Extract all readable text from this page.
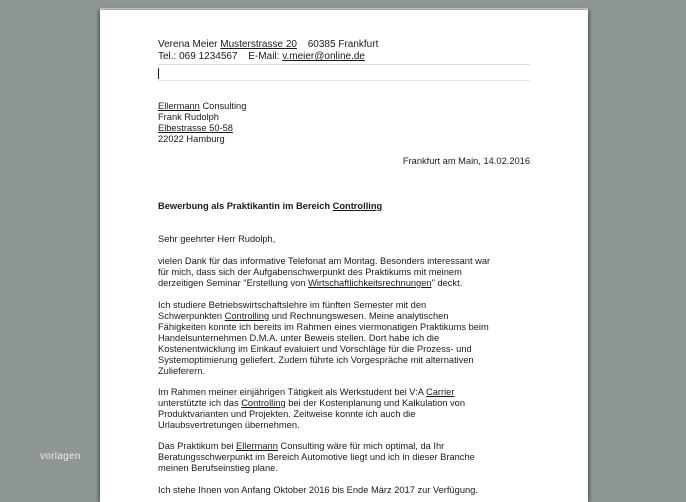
Verena Meier Musterstrasse 20 60385 Frankfurt
Tel.: 069 1234567 E-Mail: v.meier@online.de

Ellermann Consulting

Frank Rudolph

Elbestrasse 50-58

22022 Hamburg

Frankfurt am Main, 14.02.2016
Bewerbung als Praktikantin im Bereich Controlling
Sehr geehrter Herr Rudolph,

vielen Dank für das informative Telefonat am Montag. Besonders interessant war

für mich, dass sich der Aufgabenschwerpunkt des Praktikums mit meinem

derzeitigen Seminar "Erstellung von Wirtschaftlichkeitsrechnungen" deckt.

Ich studiere Betriebswirtschaftslehre im fünften Semester mit den

Schwerpunkten Controlling und Rechnungswesen. Meine analytischen

Fähigkeiten konnte ich bereits im Rahmen eines viermonatigen Praktikums beim

Handelsunternehmen D.M.A. unter Beweis stellen. Dort habe ich die

Kostenentwicklung im Einkauf evaluiert und Vorschläge für die Prozess- und

Systemoptimierung geliefert. Zudem führte ich Vorgespräche mit alternativen

Zulieferern.

Im Rahmen meiner einjährigen Tätigkeit als Werkstudent bei V:A Carrier

unterstützte ich das Controlling bei der Kostenplanung und Kalkulation von

Produktvarianten und Projekten. Zeitweise konnte ich auch die

Urlaubsvertretungen übernehmen.

Das Praktikum bei Ellermann Consulting wäre für mich optimal, da Ihr

Beratungsschwerpunkt im Bereich Automotive liegt und ich in dieser Branche

meinen Berufseinstieg plane.

Ich stehe Ihnen von Anfang Oktober 2016 bis Ende März 2017 zur Verfügung.

vorlagen
